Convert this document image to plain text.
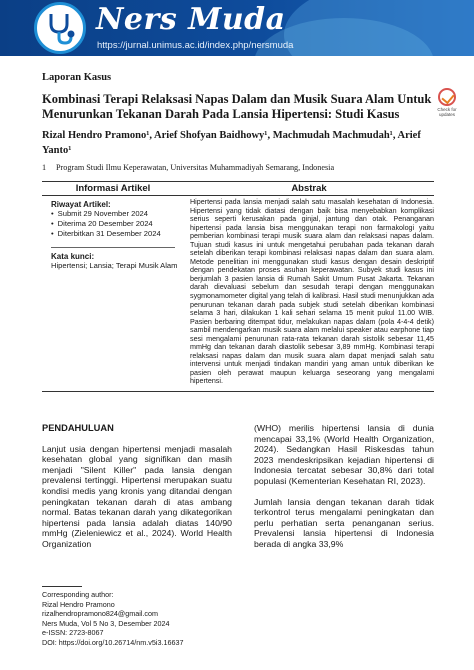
Ners Muda
https://jurnal.unimus.ac.id/index.php/nersmuda
Check for updates
Laporan Kasus
Kombinasi Terapi Relaksasi Napas Dalam dan Musik Suara Alam Untuk Menurunkan Tekanan Darah Pada Lansia Hipertensi: Studi Kasus
Rizal Hendro Pramono¹, Arief Shofyan Baidhowy¹, Machmudah Machmudah¹, Arief Yanto¹
1 Program Studi Ilmu Keperawatan, Universitas Muhammadiyah Semarang, Indonesia
Informasi Artikel	Abstrak
Riwayat Artikel:
• Submit 29 November 2024
• Diterima 20 Desember 2024
• Diterbitkan 31 Desember 2024
Kata kunci:
Hipertensi; Lansia; Terapi Musik Alam
Hipertensi pada lansia menjadi salah satu masalah kesehatan di Indonesia. Hipertensi yang tidak diatasi dengan baik bisa menyebabkan komplikasi serius seperti kerusakan pada ginjal, jantung dan otak. Penanganan hipertensi pada lansia bisa menggunakan terapi non farmakologi yaitu pemberian kombinasi terapi musik suara alam dan relaksasi napas dalam. Tujuan studi kasus ini untuk mengetahui perubahan pada tekanan darah setelah diberikan terapi kombinasi relaksasi napas dalam dan suara alam. Metode penelitian ini menggunakan studi kasus dengan desain deskriptif dengan pendekatan proses asuhan keperawatan. Subyek studi kasus ini berjumlah 3 pasien lansia di Rumah Sakit Umum Pusat Jakarta. Tekanan darah dievaluasi sebelum dan sesudah terapi dengan menggunakan sygmonamometer digital yang telah di kalibrasi. Hasil studi menunjukkan ada penurunan tekanan darah pada subjek studi setelah diberikan kombinasi selama 3 hari, dilakukan 1 kali sehari selama 15 menit pukul 11.00 WIB. Pasien berbaring ditempat tidur, melakukan napas dalam (pola 4-4-4 detik) sambil mendengarkan musik suara alam melalui speaker atau earphone tiap sesi mengalami penurunan rata-rata tekanan darah sistolik sebesar 11,45 mmHg dan tekanan darah diastolik sebesar 3,89 mmHg. Kombinasi terapi relaksasi napas dalam dan musik suara alam dapat menjadi salah satu intervensi untuk menjadi tindakan mandiri yang aman untuk diberikan ke pasien oleh perawat maupun keluarga seseorang yang mengalami hipertensi.
PENDAHULUAN

Lanjut usia dengan hipertensi menjadi masalah kesehatan global yang signifikan dan masih menjadi "Silent Killer" pada lansia dengan prevalensi tertinggi. Hipertensi merupakan suatu kondisi medis yang kronis yang ditandai dengan peningkatan tekanan darah di atas ambang normal. Batas tekanan darah yang dikategorikan hipertensi pada lansia adalah diatas 140/90 mmHg (Zieleniewicz et al., 2024). World Health Organization

(WHO) merilis hipertensi lansia di dunia mencapai 33,1% (World Health Organization, 2024). Sedangkan Hasil Riskesdas tahun 2023 mendeskripsikan kejadian hipertensi di Indonesia tercatat sebesar 30,8% dari total populasi (Kementerian Kesehatan RI, 2023).

Jumlah lansia dengan tekanan darah tidak terkontrol terus mengalami peningkatan dan perlu perhatian serta penanganan serius. Prevalensi lansia hipertensi di Indonesia berada di angka 33,9%

Corresponding author:
Rizal Hendro Pramono
rizalhendropramono824@gmail.com
Ners Muda, Vol 5 No 3, Desember 2024
e-ISSN: 2723-8067
DOI: https://doi.org/10.26714/nm.v5i3.16637
